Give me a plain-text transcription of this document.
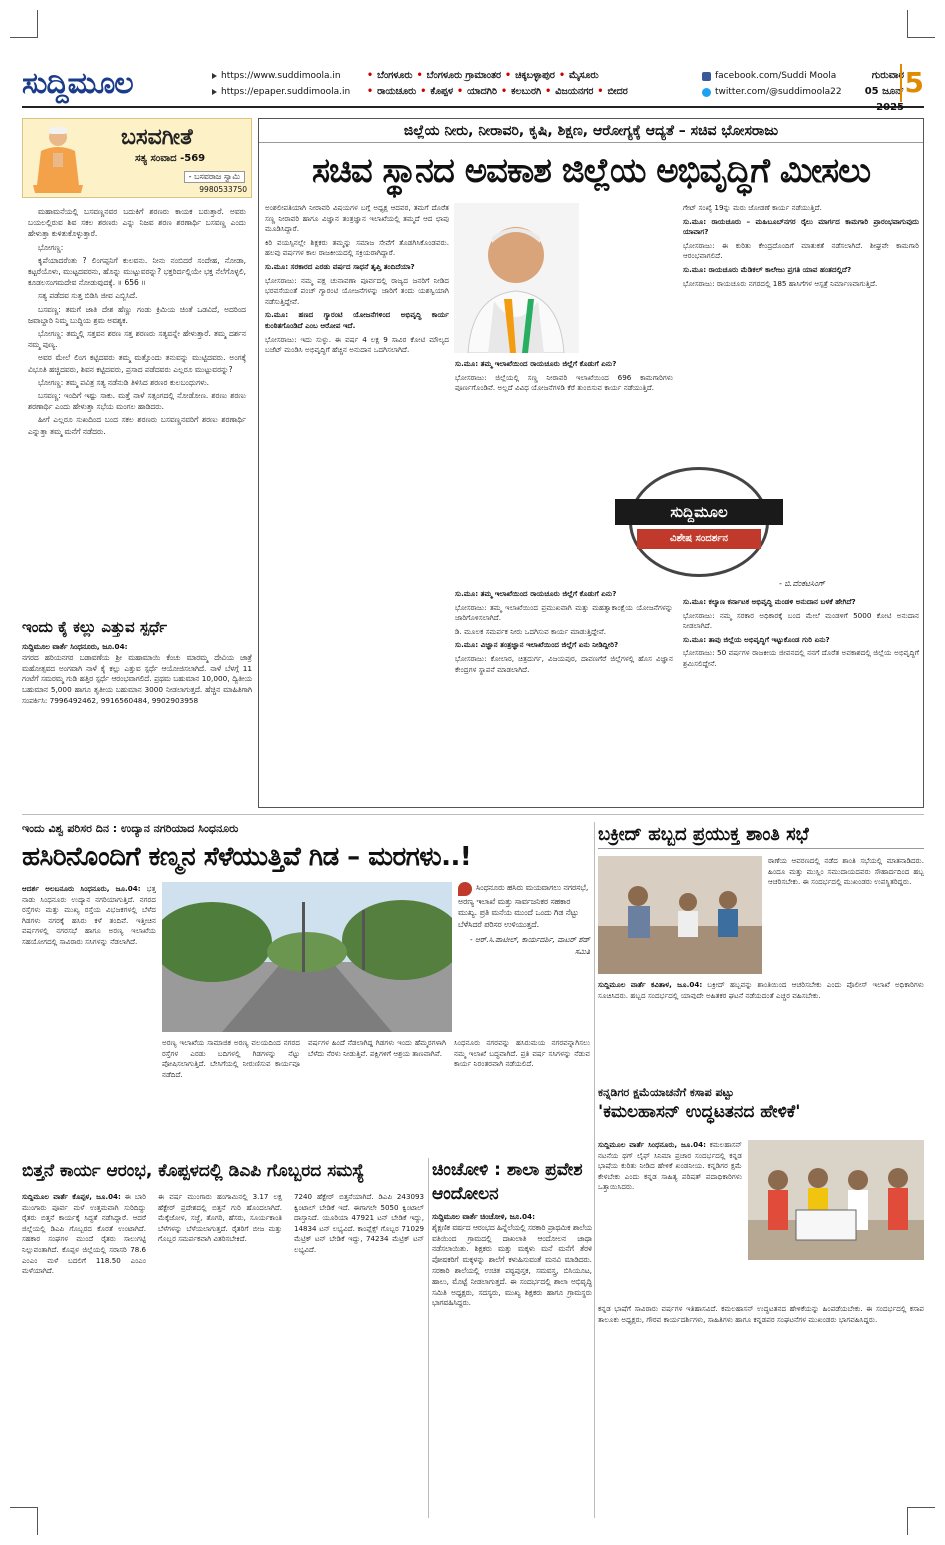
ಸುದ್ದಿಮೂಲ	https://www.suddimoola.in
https://epaper.suddimoola.in
• ಬೆಂಗಳೂರು • ಬೆಂಗಳೂರು ಗ್ರಾಮಾಂತರ • ಚಿಕ್ಕಬಳ್ಳಾಪುರ • ಮೈಸೂರು
• ರಾಯಚೂರು • ಕೊಪ್ಪಳ • ಯಾದಗಿರಿ • ಕಲಬುರಗಿ • ವಿಜಯನಗರ • ಬೀದರ
facebook.com/Suddi Moola
twitter.com/@suddimoola22
ಗುರುವಾರ
05 ಜೂನ್ 2025
5
ಬಸವಗೀತೆ
ಸತ್ಯ ಸಂವಾದ -569
- ಬಸವರಾಜ ಸ್ವಾಮಿ
9980533750

ಮಹಾಮನೆಯಲ್ಲಿ ಬಸವಣ್ಣನವರ ಬದುಕಿಗೆ ಶರಣರು ಕಾಯಕ ಬರುತ್ತಾರೆ. ಅವರು ಬಯಲಲ್ಲಿರುವ ಶಿವ ಸಕಲ ಶರಣರು ಎನ್ನು ನಿಜವ ಶರಣ ಶರಣಾರ್ಥಿ ಬಸವಣ್ಣ ಎಂದು ಹೇಳುತ್ತಾ ಕುಳಿತುಕೊಳ್ಳುತ್ತಾರೆ.

ಭೋಗಣ್ಣ:

ಕೃಪೆಯಾದರೆಂತು ? ಲಿಂಗಪ್ಪನಿಗೆ ಕುಲವನು. ನೀನು ನಂಬಿದರೆ ಸಂದೇಹ, ನೋಡಾ, ಕಟ್ಟರೆಯೊಳು, ಮುಟ್ಟದವರನು, ಹೊನ್ನು ಮುಟ್ಟುವರನ್ನು? ಭಕ್ತರಿರ್ದಲ್ಲಿಯೇ ಭಕ್ತ ನೆಲೆಗೊಳ್ಳಲಿ, ಕೂಡಲಸಂಗಮದೇವ ನೋಡುವುದಕ್ಕೆ. ॥ 656 ॥

ಸತ್ಯ ಪಡೆದವ ಸುತ್ತ ಬಿಡಿಸಿ ಜೀವ ಎಬ್ಬಿಸಿದೆ.

ಬಸವಣ್ಣ: ತಮಗೆ ಜಾತಿ ದೇಶ ಹೆಣ್ಣು ಗಂಡು ಕ್ರಿಮಿಯ ಚಿಂತೆ ಒಡವಿದೆ, ಅದರಿಂದ ಜವಾಬ್ದಾರಿ ನಿಮ್ಮ ಬುದ್ಧಿಯ ಶ್ರಮ ಅವಶ್ಯಕ.

ಭೋಗಣ್ಣ: ತಮ್ಮಲ್ಲಿ ಸತ್ತವನ ಶರಣ ಸತ್ತ ಶರಣರು ಸತ್ಯವನ್ನೇ ಹೇಳುತ್ತಾರೆ. ತಮ್ಮ ದರ್ಶನ ನಮ್ಮ ಪುಣ್ಯ.

ಅವರ ಮೇಲೆ ಲಿಂಗ ಕಟ್ಟಿದವರು ತಮ್ಮ ಮತ್ತೊಂದು ತನುವನ್ನು ಮುಟ್ಟಿದವರು. ಅಂಗಕ್ಕೆ ವಿಭೂತಿ ಹಚ್ಚಿದವರು, ಶಿವನ ಕಟ್ಟಿದವರು, ಪ್ರಸಾದ ಪಡೆದವರು ಎಲ್ಲರೂ ಮುಟ್ಟುವರನ್ನು?

ಭೋಗಣ್ಣ: ತಮ್ಮ ಪವಿತ್ರ ಸತ್ಯ ನಡೆನುಡಿ ತಿಳಿಸಿದ ಶರಣರ ಕುಲಬಂಧುಗಳು.

ಬಸವಣ್ಣ: ಇಂದಿಗೆ ಇಷ್ಟು ಸಾಕು. ಮತ್ತೆ ನಾಳೆ ಸತ್ಸಂಗದಲ್ಲಿ ನೋಡೋಣ. ಶರಣು ಶರಣು ಶರಣಾರ್ಥಿ ಎಂದು ಹೇಳುತ್ತಾ ಸಭೆಯ ಮಂಗಲ ಹಾಡಿದರು.

ಹೀಗೆ ಎಲ್ಲರೂ ಸುಖದಿಂದ ಬಂದ ಸಕಲ ಶರಣರು ಬಸವಣ್ಣನವರಿಗೆ ಶರಣು ಶರಣಾರ್ಥಿ ಎನ್ನುತ್ತಾ ತಮ್ಮ ಮನೆಗೆ ನಡೆದರು.

ಜಿಲ್ಲೆಯ ನೀರು, ನೀರಾವರಿ, ಕೃಷಿ, ಶಿಕ್ಷಣ, ಆರೋಗ್ಯಕ್ಕೆ ಆದ್ಯತೆ – ಸಚಿವ ಭೋಸರಾಜು
ಸಚಿವ ಸ್ಥಾನದ ಅವಕಾಶ ಜಿಲ್ಲೆಯ ಅಭಿವೃದ್ಧಿಗೆ ಮೀಸಲು

ಅಂಶಲೀಪತಿಯಾಗಿ ನೀರಾವರಿ ವಿಷಯಗಳ ಬಗ್ಗೆ ಅಧ್ಯಕ್ಷ ಆದವರ, ತಮಗೆ ದೊರೆತ ಸಣ್ಣ ನೀರಾವರಿ ಹಾಗೂ ವಿಜ್ಞಾನ ತಂತ್ರಜ್ಞಾನ ಇಲಾಖೆಯಲ್ಲಿ ತಮ್ಮದೆ ಆದ ಛಾಪು ಮೂಡಿಸಿದ್ದಾರೆ.

ಕಿರಿ ವಯಸ್ಸಿನಲ್ಲೇ ಶಿಕ್ಷಕರು ತಮ್ಮನ್ನು ಸಮಾಜ ಸೇವೆಗೆ ತೊಡಗಿಸಿಕೊಂಡವರು. ಹಲವು ವರ್ಷಗಳ ಕಾಲ ರಾಜಕೀಯದಲ್ಲಿ ಸಕ್ರಿಯರಾಗಿದ್ದಾರೆ.

ಸು.ಮೂ: ಸರಕಾರದ ಎರಡು ವರ್ಷದ ಸಾಧನೆ ತೃಪ್ತಿ ತಂದಿದೆಯಾ?

ಭೋಸರಾಜು: ನಮ್ಮ ಪಕ್ಷ ಚುನಾವಣಾ ಪೂರ್ವದಲ್ಲಿ ರಾಜ್ಯದ ಜನರಿಗೆ ನೀಡಿದ ಭರವಸೆಯಂತೆ ಪಂಚ್ ಗ್ಯಾರಂಟಿ ಯೋಜನೆಗಳನ್ನು ಜಾರಿಗೆ ತಂದು ಯಶಸ್ವಿಯಾಗಿ ನಡೆಸುತ್ತಿದ್ದೇವೆ.

ಸು.ಮೂ: ಹಣದ ಗ್ಯಾರಂಟಿ ಯೋಜನೆಗಳಿಂದ ಅಭಿವೃದ್ಧಿ ಕಾರ್ಯ ಕುಂಠಿತಗೊಂಡಿದೆ ಎಂಬ ಆರೋಪ ಇದೆ.

ಭೋಸರಾಜು: ಇದು ಸುಳ್ಳು. ಈ ವರ್ಷ 4 ಲಕ್ಷ 9 ಸಾವಿರ ಕೋಟಿ ಮೌಲ್ಯದ ಬಜೆಟ್ ಮಂಡಿಸಿ ಅಭಿವೃದ್ಧಿಗೆ ಹೆಚ್ಚಿನ ಅನುದಾನ ಒದಗಿಸಲಾಗಿದೆ.

ಸು.ಮೂ: ತಮ್ಮ ಇಲಾಖೆಯಿಂದ ರಾಯಚೂರು ಜಿಲ್ಲೆಗೆ ಕೊಡುಗೆ ಏನು?

ಭೋಸರಾಜು: ಜಿಲ್ಲೆಯಲ್ಲಿ ಸಣ್ಣ ನೀರಾವರಿ ಇಲಾಖೆಯಿಂದ 696 ಕಾಮಗಾರಿಗಳು ಪೂರ್ಣಗೊಂಡಿವೆ. ಅಲ್ಲದೆ ವಿವಿಧ ಯೋಜನೆಗಳಡಿ ಕೆರೆ ತುಂಬಿಸುವ ಕಾರ್ಯ ನಡೆಯುತ್ತಿದೆ.

ಸು.ಮೂ: ತಮ್ಮ ಇಲಾಖೆಯಿಂದ ರಾಯಚೂರು ಜಿಲ್ಲೆಗೆ ಕೊಡುಗೆ ಏನು?

ಭೋಸರಾಜು: ತಮ್ಮ ಇಲಾಖೆಯಿಂದ ಪ್ರಮುಖವಾಗಿ ಮತ್ತು ಮಹತ್ವಾಕಾಂಕ್ಷೆಯ ಯೋಜನೆಗಳನ್ನು ಜಾರಿಗೊಳಿಸಲಾಗಿದೆ.

ಡಿ. ಮೂಲಕ ಸಮರ್ಪಕ ನೀರು ಒದಗಿಸುವ ಕಾರ್ಯ ಮಾಡುತ್ತಿದ್ದೇವೆ.

ಸು.ಮೂ: ವಿಜ್ಞಾನ ತಂತ್ರಜ್ಞಾನ ಇಲಾಖೆಯಿಂದ ಜಿಲ್ಲೆಗೆ ಏನು ನೀಡಿದ್ದೀರಿ?

ಭೋಸರಾಜು: ಕೋಲಾರ, ಚಿತ್ರದುರ್ಗ, ವಿಜಯಪುರ, ದಾವಣಗೆರೆ ಜಿಲ್ಲೆಗಳಲ್ಲಿ ಹೊಸ ವಿಜ್ಞಾನ ಕೇಂದ್ರಗಳ ಸ್ಥಾಪನೆ ಮಾಡಲಾಗಿದೆ.

ಸುದ್ದಿಮೂಲ
ವಿಶೇಷ ಸಂದರ್ಶನ
- ಬಿ.ವೆಂಕಟಸಿಂಗ್

ಗೇಟ್ ಸಂಖ್ಯೆ 19ನ್ನು ಮರು ಜೋಡಣೆ ಕಾರ್ಯ ನಡೆಯುತ್ತಿದೆ.

ಸು.ಮೂ: ರಾಯಚೂರು – ಮಹಿಬೂಬ್‌ನಗರ ರೈಲು ಮಾರ್ಗದ ಕಾಮಗಾರಿ ಪ್ರಾರಂಭವಾಗುವುದು ಯಾವಾಗ?

ಭೋಸರಾಜು: ಈ ಕುರಿತು ಕೇಂದ್ರದೊಂದಿಗೆ ಮಾತುಕತೆ ನಡೆಸಲಾಗಿದೆ. ಶೀಘ್ರವೇ ಕಾಮಗಾರಿ ಆರಂಭವಾಗಲಿದೆ.

ಸು.ಮೂ: ರಾಯಚೂರು ಮೆಡಿಕಲ್ ಕಾಲೇಜು ಪ್ರಗತಿ ಯಾವ ಹಂತದಲ್ಲಿದೆ?

ಭೋಸರಾಜು: ರಾಯಚೂರು ನಗರದಲ್ಲಿ 185 ಹಾಸಿಗೆಗಳ ಆಸ್ಪತ್ರೆ ನಿರ್ಮಾಣವಾಗುತ್ತಿದೆ.

ಸು.ಮೂ: ಕಲ್ಯಾಣ ಕರ್ನಾಟಕ ಅಭಿವೃದ್ಧಿ ಮಂಡಳಿ ಅನುದಾನ ಬಳಕೆ ಹೇಗಿದೆ?

ಭೋಸರಾಜು: ನಮ್ಮ ಸರಕಾರ ಅಧಿಕಾರಕ್ಕೆ ಬಂದ ಮೇಲೆ ಮಂಡಳಿಗೆ 5000 ಕೋಟಿ ಅನುದಾನ ನೀಡಲಾಗಿದೆ.

ಸು.ಮೂ: ತಾವು ಜಿಲ್ಲೆಯ ಅಭಿವೃದ್ಧಿಗೆ ಇಟ್ಟುಕೊಂಡ ಗುರಿ ಏನು?

ಭೋಸರಾಜು: 50 ವರ್ಷಗಳ ರಾಜಕೀಯ ಜೀವನದಲ್ಲಿ ನನಗೆ ದೊರೆತ ಅವಕಾಶದಲ್ಲಿ ಜಿಲ್ಲೆಯ ಅಭಿವೃದ್ಧಿಗೆ ಶ್ರಮಿಸಲಿದ್ದೇನೆ.

ಇಂದು ಕೈ ಕಲ್ಲು ಎತ್ತುವ ಸ್ಪರ್ಧೆ
ಸುದ್ದಿಮೂಲ ವಾರ್ತೆ ಸಿಂಧನೂರು, ಜೂ.04:
ನಗರದ ಹರಿಯನಗರ ಬಡಾವಣೆಯ ಶ್ರೀ ಮಹಾಮಾಯಿ ಕೆಂಚು ಮಾರಮ್ಮ ದೇವಿಯ ಜಾತ್ರೆ ಮಹೋತ್ಸವದ ಅಂಗವಾಗಿ ನಾಳೆ ಕೈ ಕಲ್ಲು ಎತ್ತುವ ಸ್ಪರ್ಧೆ ಆಯೋಜಿಸಲಾಗಿದೆ. ನಾಳೆ ಬೆಳಗ್ಗೆ 11 ಗಂಟೆಗೆ ಸಮರಮ್ಮ ಗುಡಿ ಹತ್ತಿರ ಸ್ಪರ್ಧೆ ಆರಂಭವಾಗಲಿದೆ. ಪ್ರಥಮ ಬಹುಮಾನ 10,000, ದ್ವಿತೀಯ ಬಹುಮಾನ 5,000 ಹಾಗೂ ತೃತೀಯ ಬಹುಮಾನ 3000 ನೀಡಲಾಗುತ್ತದೆ. ಹೆಚ್ಚಿನ ಮಾಹಿತಿಗಾಗಿ ಸಂಪರ್ಕಿಸಿ: 7996492462, 9916560484, 9902903958
ಇಂದು ವಿಶ್ವ ಪರಿಸರ ದಿನ : ಉದ್ಯಾನ ನಗರಿಯಾದ ಸಿಂಧನೂರು
ಹಸಿರಿನೊಂದಿಗೆ ಕಣ್ಮನ ಸೆಳೆಯುತ್ತಿವೆ ಗಿಡ – ಮರಗಳು..!
ಆದರ್ಶ ಅಲಬನೂರು ಸಿಂಧನೂರು, ಜೂ.04: ಭತ್ತ ನಾಡು ಸಿಂಧನೂರು ಉದ್ಯಾನ ನಗರಿಯಾಗುತ್ತಿದೆ. ನಗರದ ರಸ್ತೆಗಳು ಮತ್ತು ಮುಖ್ಯ ರಸ್ತೆಯ ವಿಭಜಕಗಳಲ್ಲಿ ಬೆಳೆದ ಗಿಡಗಳು ನಗರಕ್ಕೆ ಹಸಿರು ಕಳೆ ತಂದಿವೆ. ಇತ್ತೀಚಿನ ವರ್ಷಗಳಲ್ಲಿ ನಗರಸಭೆ ಹಾಗೂ ಅರಣ್ಯ ಇಲಾಖೆಯ ಸಹಯೋಗದಲ್ಲಿ ಸಾವಿರಾರು ಸಸಿಗಳನ್ನು ನೆಡಲಾಗಿದೆ.
ಸಿಂಧನೂರು ಹಸಿರು ಮಯವಾಗಲು ನಗರಸಭೆ, ಅರಣ್ಯ ಇಲಾಖೆ ಮತ್ತು ಸಾರ್ವಜನಿಕರ ಸಹಕಾರ ಮುಖ್ಯ. ಪ್ರತಿ ಮನೆಯ ಮುಂದೆ ಒಂದು ಗಿಡ ನೆಟ್ಟು ಬೆಳೆಸಿದರೆ ಪರಿಸರ ಉಳಿಯುತ್ತದೆ.
- ಆರ್.ಸಿ.ಪಾಟೀಲ್, ಕಾರ್ಯದರ್ಶಿ, ವಾಟರ್ ಶೆಡ್ ಸಮಿತಿ
ಅರಣ್ಯ ಇಲಾಖೆಯ ಸಾಮಾಜಿಕ ಅರಣ್ಯ ವಲಯದಿಂದ ನಗರದ ರಸ್ತೆಗಳ ಎರಡು ಬದಿಗಳಲ್ಲಿ ಗಿಡಗಳನ್ನು ನೆಟ್ಟು ಪೋಷಿಸಲಾಗುತ್ತಿದೆ. ಬೇಸಿಗೆಯಲ್ಲಿ ನೀರುಣಿಸುವ ಕಾರ್ಯವೂ ನಡೆದಿದೆ.
ವರ್ಷಗಳ ಹಿಂದೆ ನೆಡಲಾಗಿದ್ದ ಗಿಡಗಳು ಇಂದು ಹೆಮ್ಮರಗಳಾಗಿ ಬೆಳೆದು ನೆರಳು ನೀಡುತ್ತಿವೆ. ಪಕ್ಷಿಗಳಿಗೆ ಆಶ್ರಯ ತಾಣವಾಗಿವೆ.
ಸಿಂಧನೂರು ನಗರವನ್ನು ಹಸಿರುಮಯ ನಗರವನ್ನಾಗಿಸಲು ನಮ್ಮ ಇಲಾಖೆ ಬದ್ಧವಾಗಿದೆ. ಪ್ರತಿ ವರ್ಷ ಸಸಿಗಳನ್ನು ನೆಡುವ ಕಾರ್ಯ ನಿರಂತರವಾಗಿ ನಡೆಯಲಿದೆ.
ಬಕ್ರೀದ್ ಹಬ್ಬದ ಪ್ರಯುಕ್ತ ಶಾಂತಿ ಸಭೆ
ಠಾಣೆಯ ಆವರಣದಲ್ಲಿ ನಡೆದ ಶಾಂತಿ ಸಭೆಯಲ್ಲಿ ಮಾತನಾಡಿದರು. ಹಿಂದೂ ಮತ್ತು ಮುಸ್ಲಿಂ ಸಮುದಾಯದವರು ಸೌಹಾರ್ದದಿಂದ ಹಬ್ಬ ಆಚರಿಸಬೇಕು. ಈ ಸಂದರ್ಭದಲ್ಲಿ ಮುಖಂಡರು ಉಪಸ್ಥಿತರಿದ್ದರು.
ಸುದ್ದಿಮೂಲ ವಾರ್ತೆ ಕವಿತಾಳ, ಜೂ.04: ಬಕ್ರೀದ್ ಹಬ್ಬವನ್ನು ಶಾಂತಿಯಿಂದ ಆಚರಿಸಬೇಕು ಎಂದು ಪೊಲೀಸ್ ಇಲಾಖೆ ಅಧಿಕಾರಿಗಳು ಸೂಚಿಸಿದರು. ಹಬ್ಬದ ಸಂದರ್ಭದಲ್ಲಿ ಯಾವುದೇ ಅಹಿತಕರ ಘಟನೆ ನಡೆಯದಂತೆ ಎಚ್ಚರ ವಹಿಸಬೇಕು.
ಕನ್ನಡಿಗರ ಕ್ಷಮೆಯಾಚನೆಗೆ ಕಸಾಪ ಪಟ್ಟು
'ಕಮಲಹಾಸನ್ ಉದ್ಧಟತನದ ಹೇಳಿಕೆ'
ಸುದ್ದಿಮೂಲ ವಾರ್ತೆ ಸಿಂಧನೂರು, ಜೂ.04: ಕಮಲಹಾಸನ್ ನಟನೆಯ ಥಗ್ ಲೈಫ್ ಸಿನಿಮಾ ಪ್ರಚಾರ ಸಂದರ್ಭದಲ್ಲಿ ಕನ್ನಡ ಭಾಷೆಯ ಕುರಿತು ನೀಡಿದ ಹೇಳಿಕೆ ಖಂಡನೀಯ. ಕನ್ನಡಿಗರ ಕ್ಷಮೆ ಕೇಳಬೇಕು ಎಂದು ಕನ್ನಡ ಸಾಹಿತ್ಯ ಪರಿಷತ್ ಪದಾಧಿಕಾರಿಗಳು ಒತ್ತಾಯಿಸಿದರು.
ಕನ್ನಡ ಭಾಷೆಗೆ ಸಾವಿರಾರು ವರ್ಷಗಳ ಇತಿಹಾಸವಿದೆ. ಕಮಲಹಾಸನ್ ಉದ್ಧಟತನದ ಹೇಳಿಕೆಯನ್ನು ಹಿಂಪಡೆಯಬೇಕು. ಈ ಸಂದರ್ಭದಲ್ಲಿ ಕಸಾಪ ತಾಲೂಕು ಅಧ್ಯಕ್ಷರು, ಗೌರವ ಕಾರ್ಯದರ್ಶಿಗಳು, ಸಾಹಿತಿಗಳು ಹಾಗೂ ಕನ್ನಡಪರ ಸಂಘಟನೆಗಳ ಮುಖಂಡರು ಭಾಗವಹಿಸಿದ್ದರು.
ಬಿತ್ತನೆ ಕಾರ್ಯ ಆರಂಭ, ಕೊಪ್ಪಳದಲ್ಲಿ ಡಿಎಪಿ ಗೊಬ್ಬರದ ಸಮಸ್ಯೆ
ಸುದ್ದಿಮೂಲ ವಾರ್ತೆ ಕೊಪ್ಪಳ, ಜೂ.04: ಈ ಬಾರಿ ಮುಂಗಾರು ಪೂರ್ವ ಮಳೆ ಉತ್ತಮವಾಗಿ ಸುರಿದಿದ್ದು ರೈತರು ಬಿತ್ತನೆ ಕಾರ್ಯಕ್ಕೆ ಸಿದ್ಧತೆ ನಡೆಸಿದ್ದಾರೆ. ಆದರೆ ಜಿಲ್ಲೆಯಲ್ಲಿ ಡಿಎಪಿ ಗೊಬ್ಬರದ ಕೊರತೆ ಉಂಟಾಗಿದೆ. ಸಹಕಾರ ಸಂಘಗಳ ಮುಂದೆ ರೈತರು ಸಾಲುಗಟ್ಟಿ ನಿಲ್ಲುವಂತಾಗಿದೆ. ಕೊಪ್ಪಳ ಜಿಲ್ಲೆಯಲ್ಲಿ ಸರಾಸರಿ 78.6 ಎಂಎಂ ಮಳೆ ಬದಲಿಗೆ 118.50 ಎಂಎಂ ಮಳೆಯಾಗಿದೆ.
ಈ ವರ್ಷ ಮುಂಗಾರು ಹಂಗಾಮಿನಲ್ಲಿ 3.17 ಲಕ್ಷ ಹೆಕ್ಟೇರ್ ಪ್ರದೇಶದಲ್ಲಿ ಬಿತ್ತನೆ ಗುರಿ ಹೊಂದಲಾಗಿದೆ. ಮೆಕ್ಕೆಜೋಳ, ಸಜ್ಜೆ, ತೊಗರಿ, ಹೆಸರು, ಸೂರ್ಯಕಾಂತಿ ಬೆಳೆಗಳನ್ನು ಬೆಳೆಯಲಾಗುತ್ತದೆ. ರೈತರಿಗೆ ಬೀಜ ಮತ್ತು ಗೊಬ್ಬರ ಸಮರ್ಪಕವಾಗಿ ವಿತರಿಸಬೇಕಿದೆ.
7240 ಹೆಕ್ಟೇರ್ ಬಿತ್ತನೆಯಾಗಿದೆ. ಡಿಎಪಿ 243093 ಕ್ವಿಂಟಾಲ್ ಬೇಡಿಕೆ ಇದೆ. ಈಗಾಗಲೇ 5050 ಕ್ವಿಂಟಾಲ್ ದಾಸ್ತಾನಿದೆ. ಯೂರಿಯಾ 47921 ಟನ್ ಬೇಡಿಕೆ ಇದ್ದು, 14834 ಟನ್ ಲಭ್ಯವಿದೆ. ಕಾಂಪ್ಲೆಕ್ಸ್ ಗೊಬ್ಬರ 71029 ಮೆಟ್ರಿಕ್ ಟನ್ ಬೇಡಿಕೆ ಇದ್ದು, 74234 ಮೆಟ್ರಿಕ್ ಟನ್ ಲಭ್ಯವಿದೆ.
ಚಿಂಚೋಳಿ : ಶಾಲಾ ಪ್ರವೇಶ ಆಂದೋಲನ
ಸುದ್ದಿಮೂಲ ವಾರ್ತೆ ಚಿಂಚೋಳಿ, ಜೂ.04:
ಶೈಕ್ಷಣಿಕ ವರ್ಷದ ಆರಂಭದ ಹಿನ್ನೆಲೆಯಲ್ಲಿ ಸರಕಾರಿ ಪ್ರಾಥಮಿಕ ಶಾಲೆಯ ವತಿಯಿಂದ ಗ್ರಾಮದಲ್ಲಿ ದಾಖಲಾತಿ ಆಂದೋಲನ ಜಾಥಾ ನಡೆಸಲಾಯಿತು. ಶಿಕ್ಷಕರು ಮತ್ತು ಮಕ್ಕಳು ಮನೆ ಮನೆಗೆ ತೆರಳಿ ಪೋಷಕರಿಗೆ ಮಕ್ಕಳನ್ನು ಶಾಲೆಗೆ ಕಳುಹಿಸುವಂತೆ ಮನವಿ ಮಾಡಿದರು. ಸರಕಾರಿ ಶಾಲೆಯಲ್ಲಿ ಉಚಿತ ಪಠ್ಯಪುಸ್ತಕ, ಸಮವಸ್ತ್ರ, ಬಿಸಿಯೂಟ, ಹಾಲು, ಮೊಟ್ಟೆ ನೀಡಲಾಗುತ್ತದೆ. ಈ ಸಂದರ್ಭದಲ್ಲಿ ಶಾಲಾ ಅಭಿವೃದ್ಧಿ ಸಮಿತಿ ಅಧ್ಯಕ್ಷರು, ಸದಸ್ಯರು, ಮುಖ್ಯ ಶಿಕ್ಷಕರು ಹಾಗೂ ಗ್ರಾಮಸ್ಥರು ಭಾಗವಹಿಸಿದ್ದರು.
